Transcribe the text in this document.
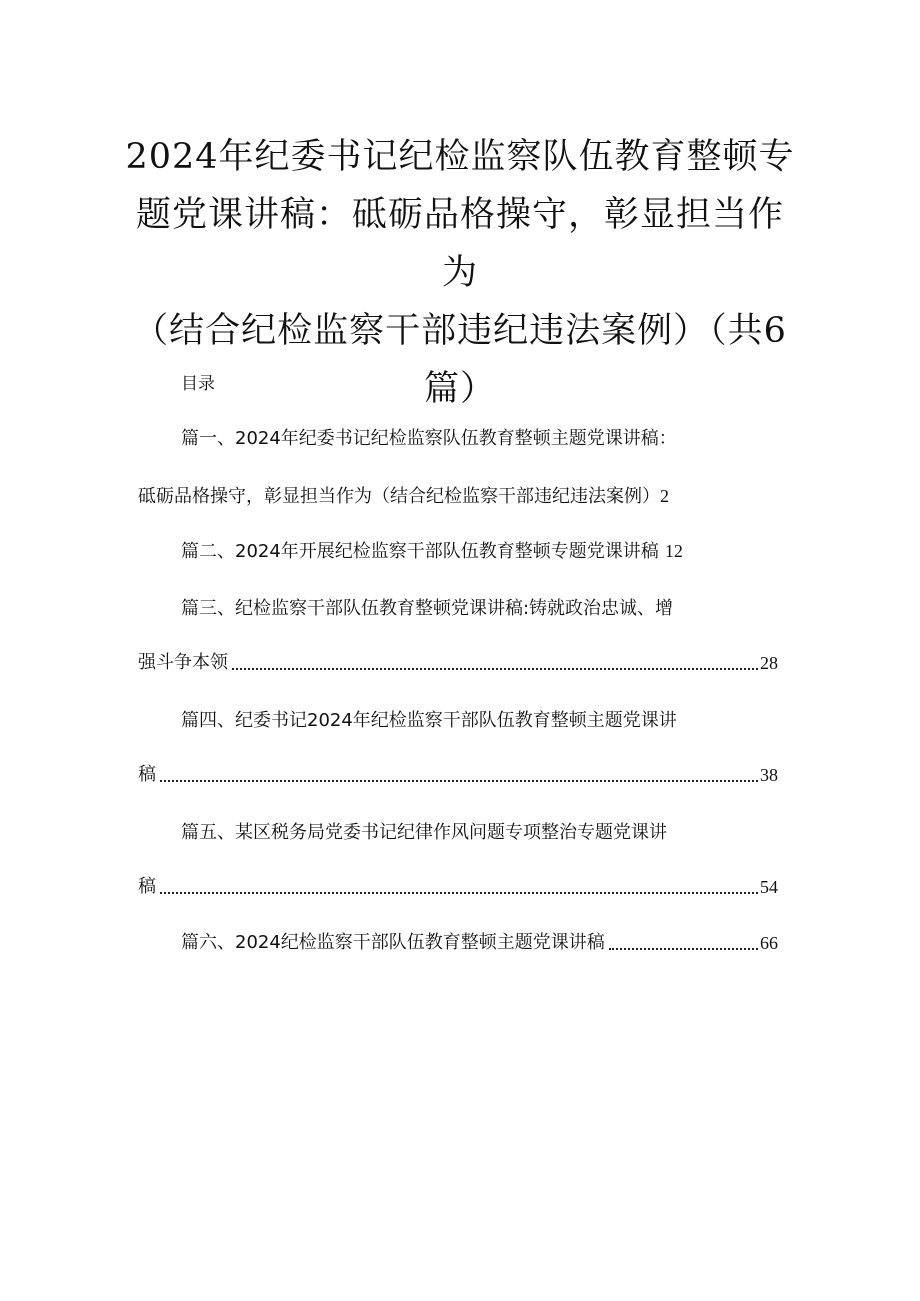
2024年纪委书记纪检监察队伍教育整顿专
题党课讲稿：砥砺品格操守，彰显担当作为
（结合纪检监察干部违纪违法案例）（共6
篇）
目录
篇一、2024年纪委书记纪检监察队伍教育整顿主题党课讲稿：
砥砺品格操守，彰显担当作为（结合纪检监察干部违纪违法案例）2
篇二、2024年开展纪检监察干部队伍教育整顿专题党课讲稿 12
篇三、纪检监察干部队伍教育整顿党课讲稿:铸就政治忠诚、增
强斗争本领	28
篇四、纪委书记2024年纪检监察干部队伍教育整顿主题党课讲
稿	38
篇五、某区税务局党委书记纪律作风问题专项整治专题党课讲
稿	54
篇六、2024纪检监察干部队伍教育整顿主题党课讲稿	66
